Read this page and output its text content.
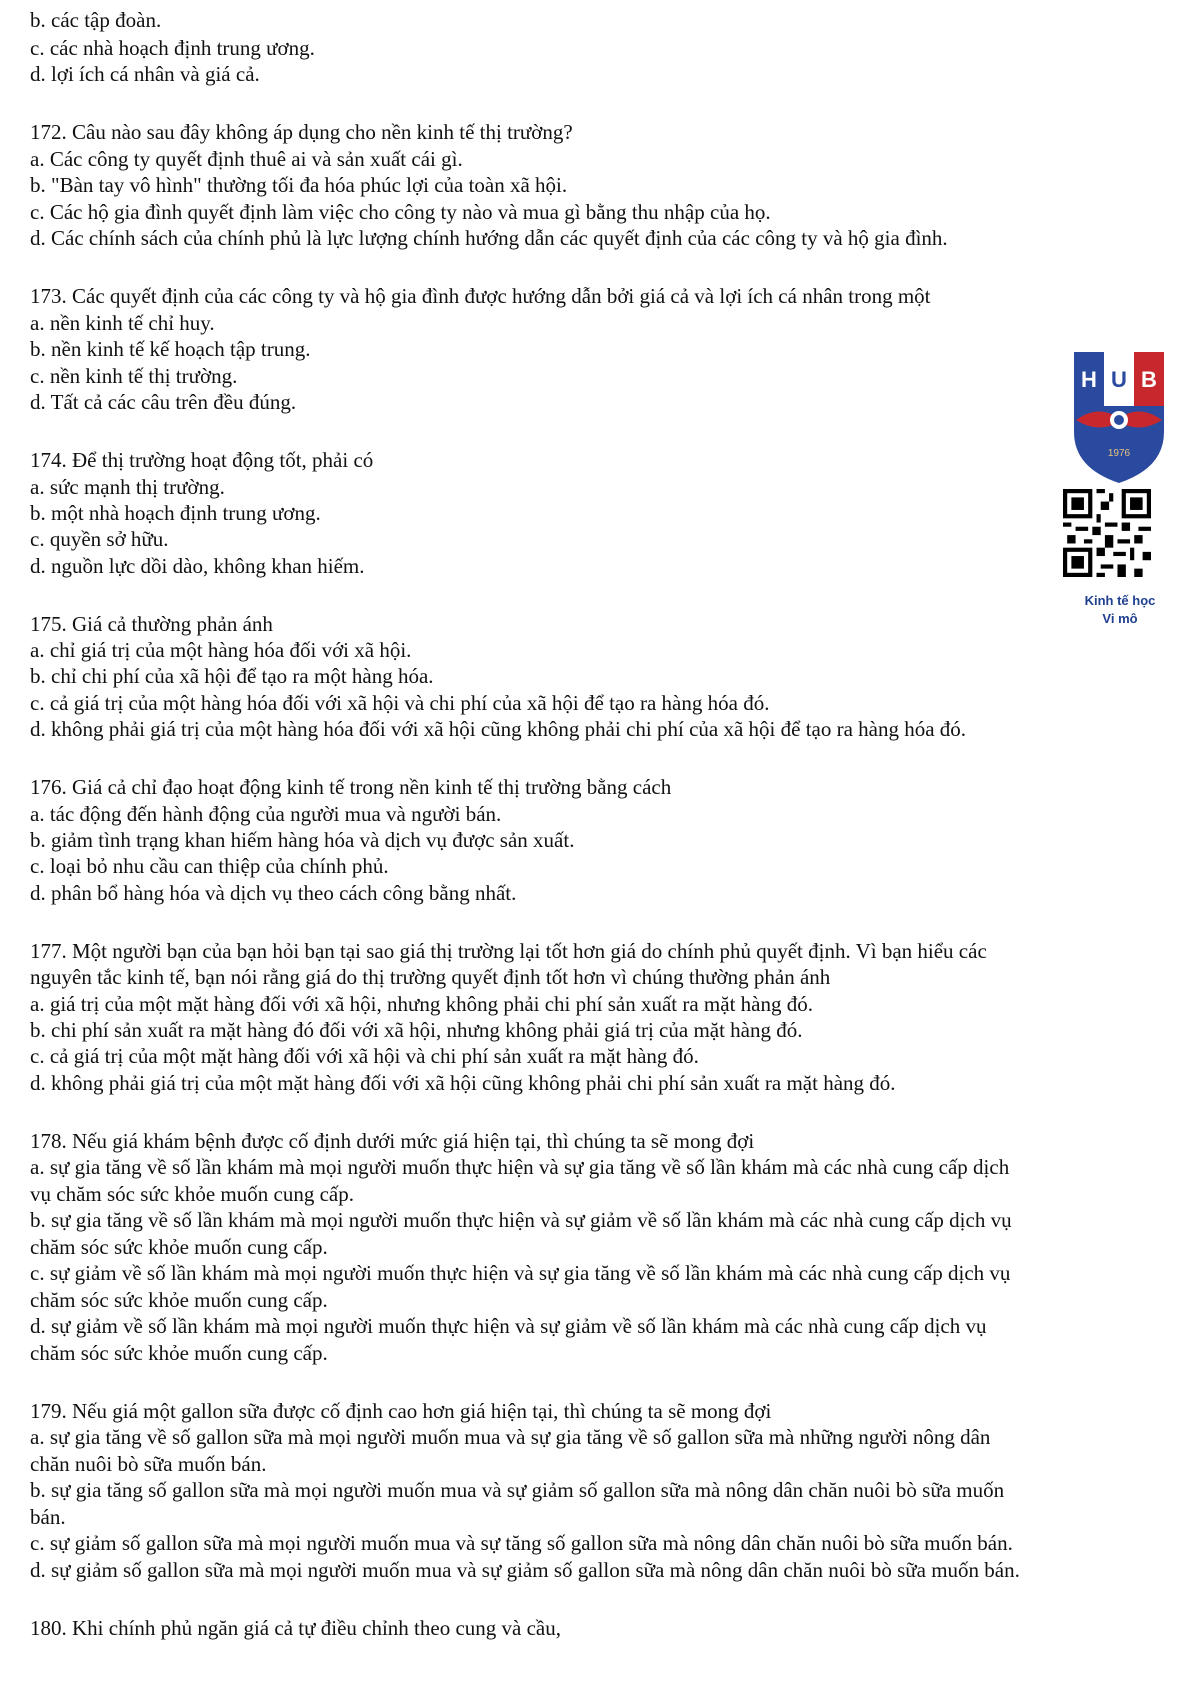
b. các tập đoàn.
c. các nhà hoạch định trung ương.
d. lợi ích cá nhân và giá cả.
172. Câu nào sau đây không áp dụng cho nền kinh tế thị trường?
a. Các công ty quyết định thuê ai và sản xuất cái gì.
b. "Bàn tay vô hình" thường tối đa hóa phúc lợi của toàn xã hội.
c. Các hộ gia đình quyết định làm việc cho công ty nào và mua gì bằng thu nhập của họ.
d. Các chính sách của chính phủ là lực lượng chính hướng dẫn các quyết định của các công ty và hộ gia đình.
173. Các quyết định của các công ty và hộ gia đình được hướng dẫn bởi giá cả và lợi ích cá nhân trong một
a. nền kinh tế chỉ huy.
b. nền kinh tế kế hoạch tập trung.
c. nền kinh tế thị trường.
d. Tất cả các câu trên đều đúng.
174. Để thị trường hoạt động tốt, phải có
a. sức mạnh thị trường.
b. một nhà hoạch định trung ương.
c. quyền sở hữu.
d. nguồn lực dồi dào, không khan hiếm.
175. Giá cả thường phản ánh
a. chỉ giá trị của một hàng hóa đối với xã hội.
b. chỉ chi phí của xã hội để tạo ra một hàng hóa.
c. cả giá trị của một hàng hóa đối với xã hội và chi phí của xã hội để tạo ra hàng hóa đó.
d. không phải giá trị của một hàng hóa đối với xã hội cũng không phải chi phí của xã hội để tạo ra hàng hóa đó.
176. Giá cả chỉ đạo hoạt động kinh tế trong nền kinh tế thị trường bằng cách
a. tác động đến hành động của người mua và người bán.
b. giảm tình trạng khan hiếm hàng hóa và dịch vụ được sản xuất.
c. loại bỏ nhu cầu can thiệp của chính phủ.
d. phân bổ hàng hóa và dịch vụ theo cách công bằng nhất.
177. Một người bạn của bạn hỏi bạn tại sao giá thị trường lại tốt hơn giá do chính phủ quyết định. Vì bạn hiểu các
nguyên tắc kinh tế, bạn nói rằng giá do thị trường quyết định tốt hơn vì chúng thường phản ánh
a. giá trị của một mặt hàng đối với xã hội, nhưng không phải chi phí sản xuất ra mặt hàng đó.
b. chi phí sản xuất ra mặt hàng đó đối với xã hội, nhưng không phải giá trị của mặt hàng đó.
c. cả giá trị của một mặt hàng đối với xã hội và chi phí sản xuất ra mặt hàng đó.
d. không phải giá trị của một mặt hàng đối với xã hội cũng không phải chi phí sản xuất ra mặt hàng đó.
178. Nếu giá khám bệnh được cố định dưới mức giá hiện tại, thì chúng ta sẽ mong đợi
a. sự gia tăng về số lần khám mà mọi người muốn thực hiện và sự gia tăng về số lần khám mà các nhà cung cấp dịch
vụ chăm sóc sức khỏe muốn cung cấp.
b. sự gia tăng về số lần khám mà mọi người muốn thực hiện và sự giảm về số lần khám mà các nhà cung cấp dịch vụ
chăm sóc sức khỏe muốn cung cấp.
c. sự giảm về số lần khám mà mọi người muốn thực hiện và sự gia tăng về số lần khám mà các nhà cung cấp dịch vụ
chăm sóc sức khỏe muốn cung cấp.
d. sự giảm về số lần khám mà mọi người muốn thực hiện và sự giảm về số lần khám mà các nhà cung cấp dịch vụ
chăm sóc sức khỏe muốn cung cấp.
179. Nếu giá một gallon sữa được cố định cao hơn giá hiện tại, thì chúng ta sẽ mong đợi
a. sự gia tăng về số gallon sữa mà mọi người muốn mua và sự gia tăng về số gallon sữa mà những người nông dân
chăn nuôi bò sữa muốn bán.
b. sự gia tăng số gallon sữa mà mọi người muốn mua và sự giảm số gallon sữa mà nông dân chăn nuôi bò sữa muốn
bán.
c. sự giảm số gallon sữa mà mọi người muốn mua và sự tăng số gallon sữa mà nông dân chăn nuôi bò sữa muốn bán.
d. sự giảm số gallon sữa mà mọi người muốn mua và sự giảm số gallon sữa mà nông dân chăn nuôi bò sữa muốn bán.
180. Khi chính phủ ngăn giá cả tự điều chỉnh theo cung và cầu,
H U B
1976
Kinh tế học
Vi mô
